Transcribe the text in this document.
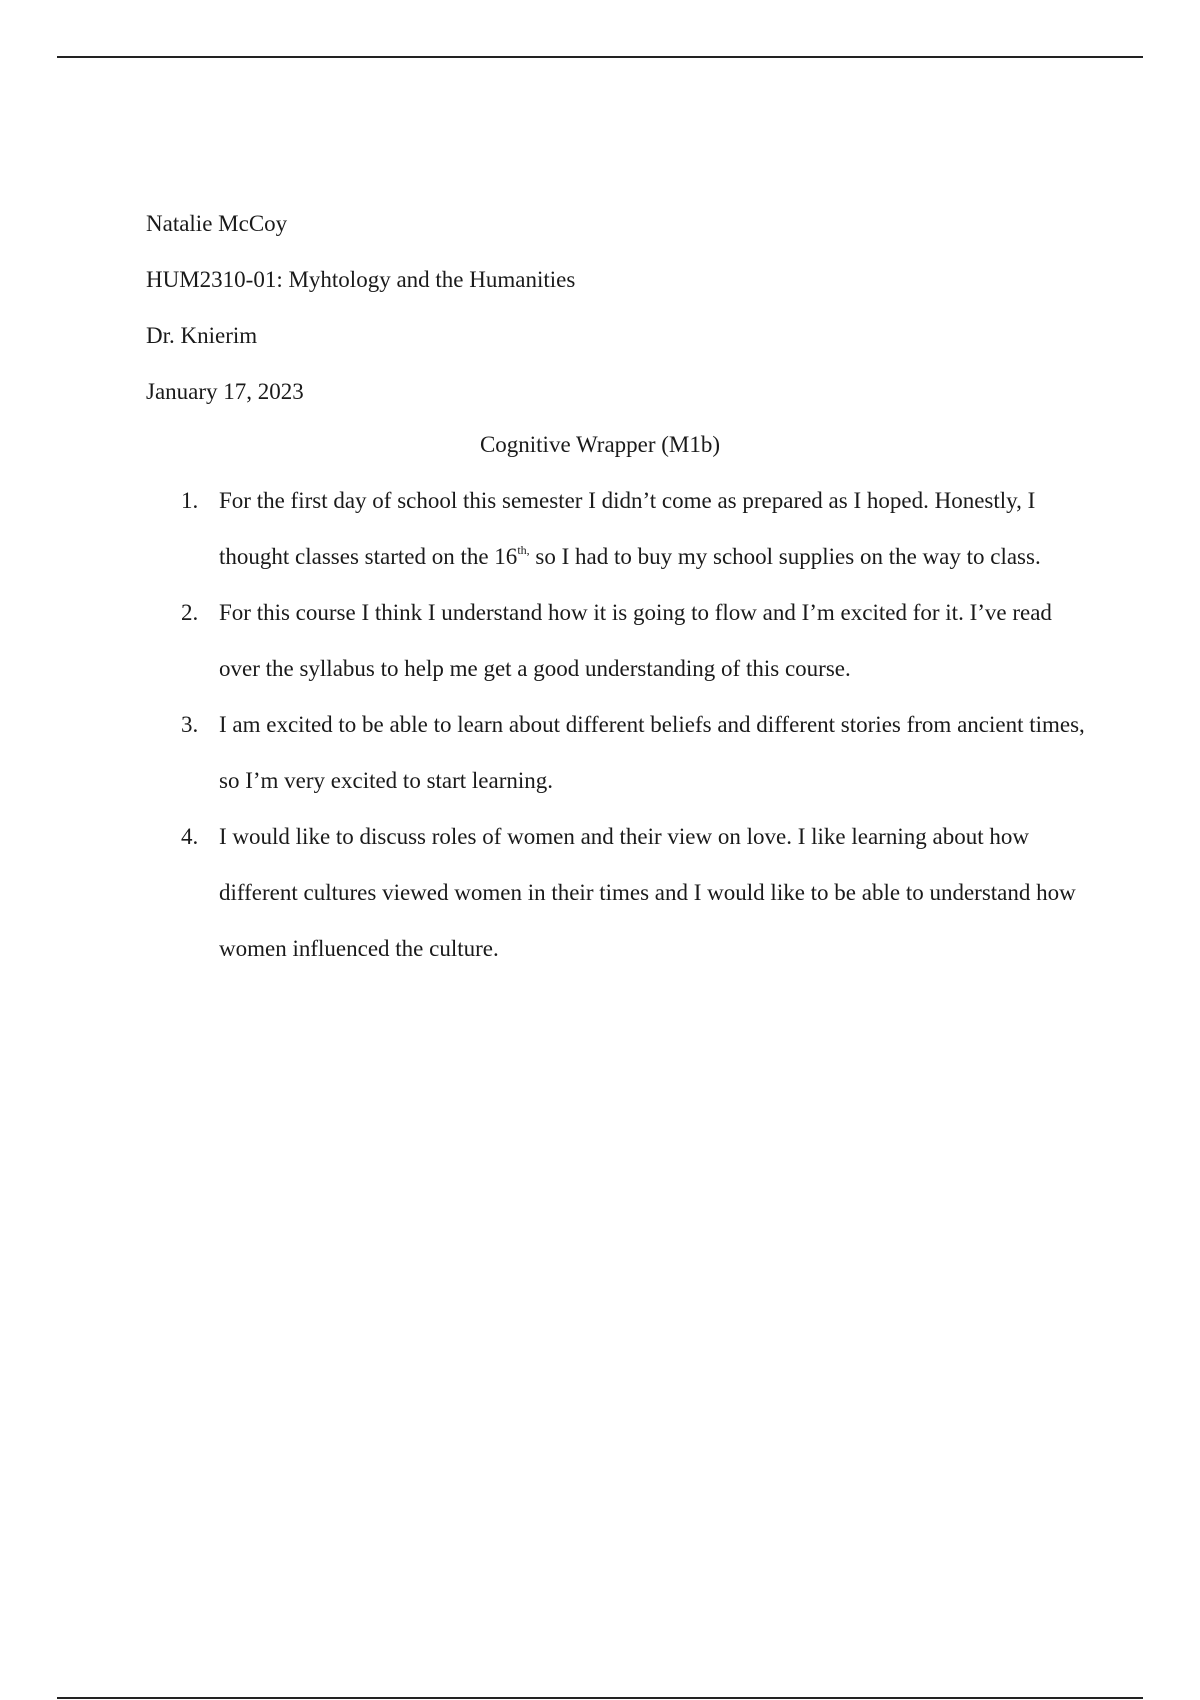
Natalie McCoy
HUM2310-01: Myhtology and the Humanities
Dr. Knierim
January 17, 2023
Cognitive Wrapper (M1b)
1. For the first day of school this semester I didn’t come as prepared as I hoped. Honestly, I thought classes started on the $16^{th,}$ so I had to buy my school supplies on the way to class.
2. For this course I think I understand how it is going to flow and I’m excited for it. I’ve read over the syllabus to help me get a good understanding of this course.
3. I am excited to be able to learn about different beliefs and different stories from ancient times, so I’m very excited to start learning.
4. I would like to discuss roles of women and their view on love. I like learning about how different cultures viewed women in their times and I would like to be able to understand how women influenced the culture.
